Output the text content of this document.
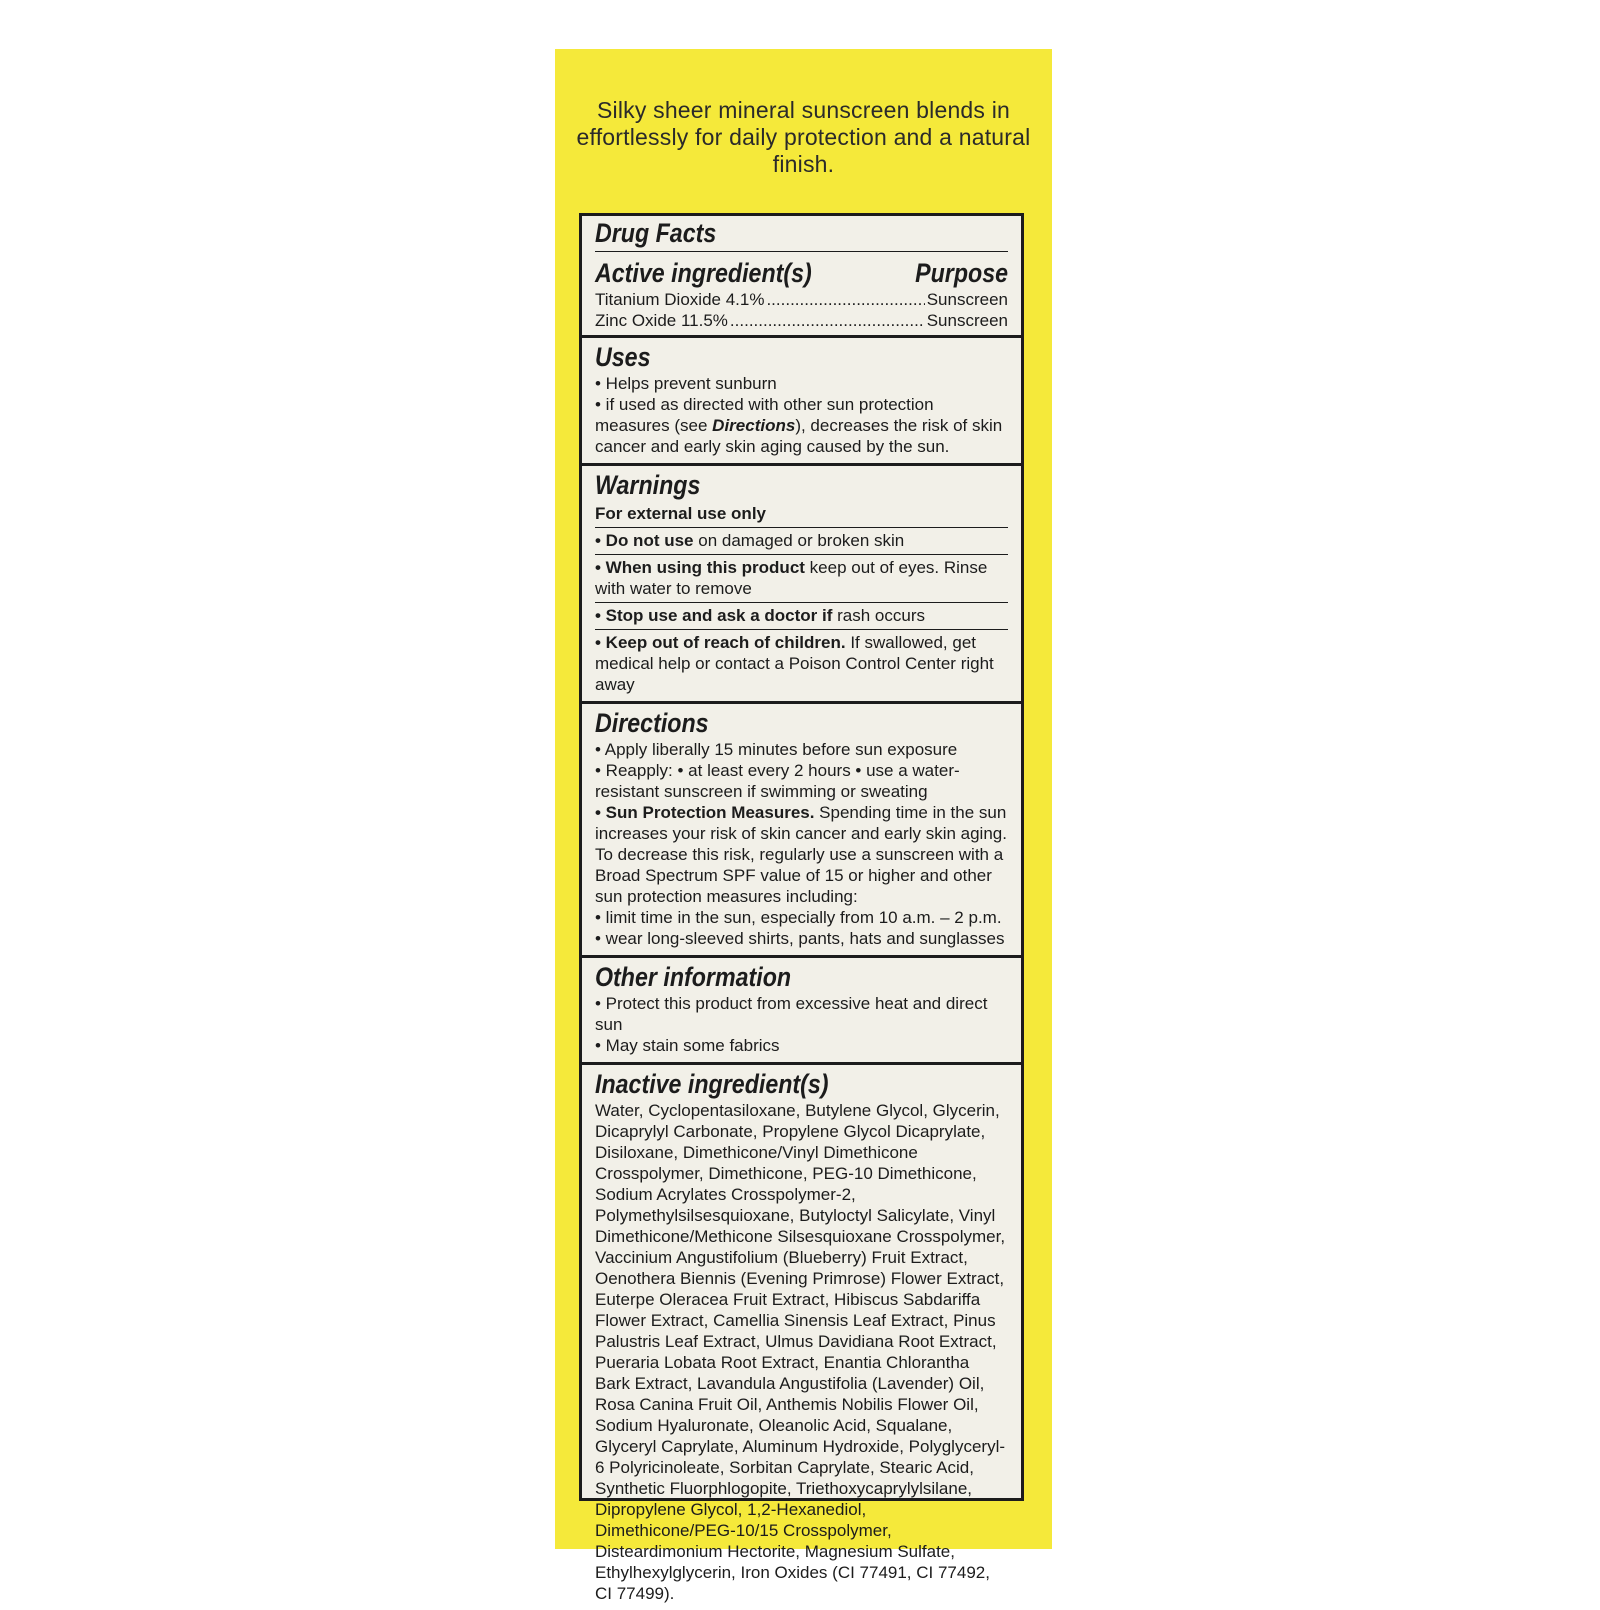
Silky sheer mineral sunscreen blends in effortlessly for daily protection and a natural finish.
Drug Facts
Active ingredient(s)	Purpose
Titanium Dioxide 4.1% .....	Sunscreen
Zinc Oxide 11.5% .....	Sunscreen
Uses
• Helps prevent sunburn
• if used as directed with other sun protection measures (see Directions), decreases the risk of skin cancer and early skin aging caused by the sun.
Warnings
For external use only
• Do not use on damaged or broken skin
• When using this product keep out of eyes. Rinse with water to remove
• Stop use and ask a doctor if rash occurs
• Keep out of reach of children. If swallowed, get medical help or contact a Poison Control Center right away
Directions
• Apply liberally 15 minutes before sun exposure
• Reapply: • at least every 2 hours • use a water-resistant sunscreen if swimming or sweating
• Sun Protection Measures. Spending time in the sun increases your risk of skin cancer and early skin aging. To decrease this risk, regularly use a sunscreen with a Broad Spectrum SPF value of 15 or higher and other sun protection measures including:
• limit time in the sun, especially from 10 a.m. – 2 p.m.
• wear long-sleeved shirts, pants, hats and sunglasses
Other information
• Protect this product from excessive heat and direct sun
• May stain some fabrics
Inactive ingredient(s)
Water, Cyclopentasiloxane, Butylene Glycol, Glycerin, Dicaprylyl Carbonate, Propylene Glycol Dicaprylate, Disiloxane, Dimethicone/Vinyl Dimethicone Crosspolymer, Dimethicone, PEG-10 Dimethicone, Sodium Acrylates Crosspolymer-2, Polymethylsilsesquioxane, Butyloctyl Salicylate, Vinyl Dimethicone/Methicone Silsesquioxane Crosspolymer, Vaccinium Angustifolium (Blueberry) Fruit Extract, Oenothera Biennis (Evening Primrose) Flower Extract, Euterpe Oleracea Fruit Extract, Hibiscus Sabdariffa Flower Extract, Camellia Sinensis Leaf Extract, Pinus Palustris Leaf Extract, Ulmus Davidiana Root Extract, Pueraria Lobata Root Extract, Enantia Chlorantha Bark Extract, Lavandula Angustifolia (Lavender) Oil, Rosa Canina Fruit Oil, Anthemis Nobilis Flower Oil, Sodium Hyaluronate, Oleanolic Acid, Squalane, Glyceryl Caprylate, Aluminum Hydroxide, Polyglyceryl-6 Polyricinoleate, Sorbitan Caprylate, Stearic Acid, Synthetic Fluorphlogopite, Triethoxycaprylylsilane, Dipropylene Glycol, 1,2-Hexanediol, Dimethicone/PEG-10/15 Crosspolymer, Disteardimonium Hectorite, Magnesium Sulfate, Ethylhexylglycerin, Iron Oxides (CI 77491, CI 77492, CI 77499).
